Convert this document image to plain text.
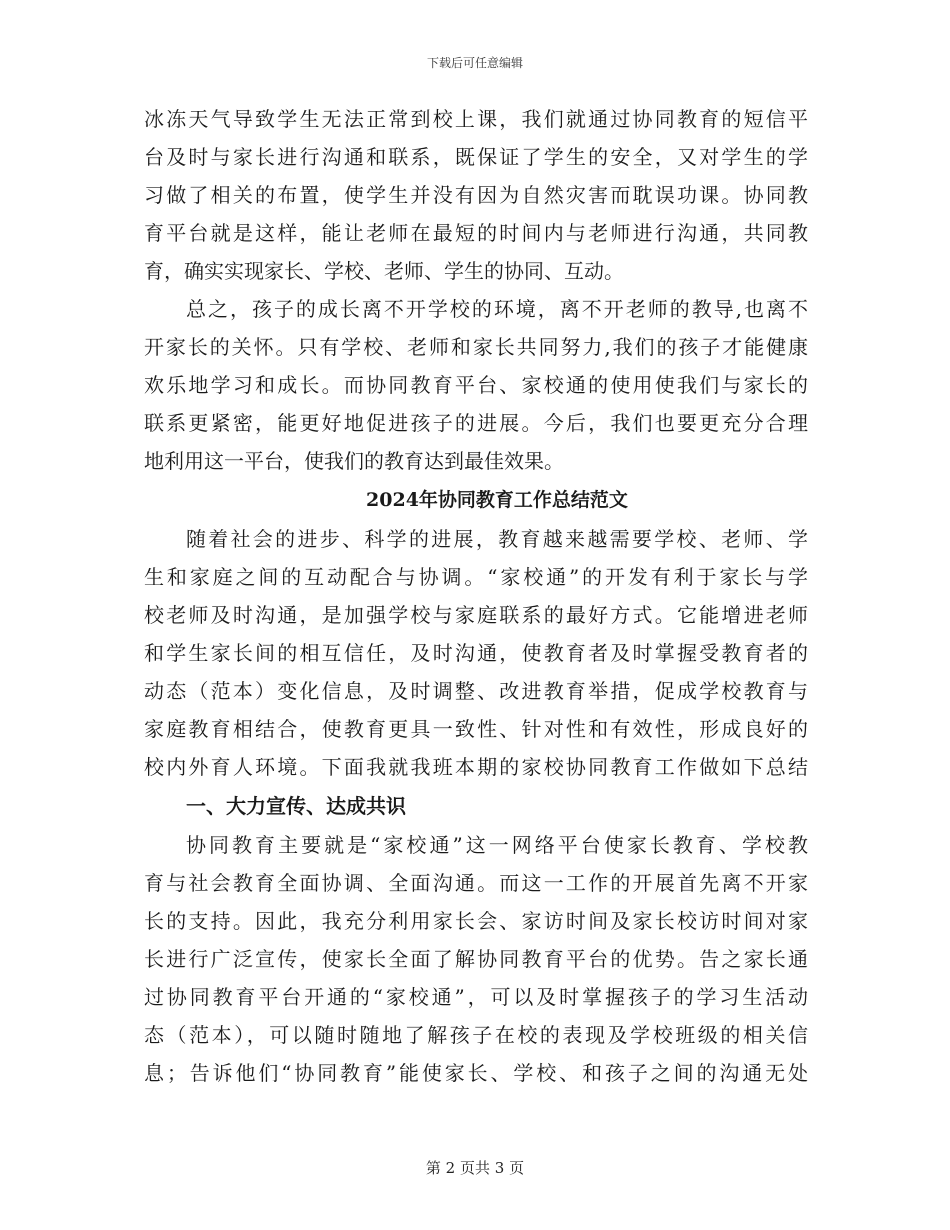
下载后可任意编辑
冰冻天气导致学生无法正常到校上课，我们就通过协同教育的短信平
台及时与家长进行沟通和联系，既保证了学生的安全，又对学生的学
习做了相关的布置，使学生并没有因为自然灾害而耽误功课。协同教
育平台就是这样，能让老师在最短的时间内与老师进行沟通，共同教
育，确实实现家长、学校、老师、学生的协同、互动。
总之，孩子的成长离不开学校的环境，离不开老师的教导,也离不
开家长的关怀。只有学校、老师和家长共同努力,我们的孩子才能健康
欢乐地学习和成长。而协同教育平台、家校通的使用使我们与家长的
联系更紧密，能更好地促进孩子的进展。今后，我们也要更充分合理
地利用这一平台，使我们的教育达到最佳效果。
2024年协同教育工作总结范文
随着社会的进步、科学的进展，教育越来越需要学校、老师、学
生和家庭之间的互动配合与协调。“家校通”的开发有利于家长与学
校老师及时沟通，是加强学校与家庭联系的最好方式。它能增进老师
和学生家长间的相互信任，及时沟通，使教育者及时掌握受教育者的
动态（范本）变化信息，及时调整、改进教育举措，促成学校教育与
家庭教育相结合，使教育更具一致性、针对性和有效性，形成良好的
校内外育人环境。下面我就我班本期的家校协同教育工作做如下总结
一、大力宣传、达成共识
协同教育主要就是“家校通”这一网络平台使家长教育、学校教
育与社会教育全面协调、全面沟通。而这一工作的开展首先离不开家
长的支持。因此，我充分利用家长会、家访时间及家长校访时间对家
长进行广泛宣传，使家长全面了解协同教育平台的优势。告之家长通
过协同教育平台开通的“家校通”，可以及时掌握孩子的学习生活动
态（范本），可以随时随地了解孩子在校的表现及学校班级的相关信
息；告诉他们“协同教育”能使家长、学校、和孩子之间的沟通无处
第 2 页共 3 页
